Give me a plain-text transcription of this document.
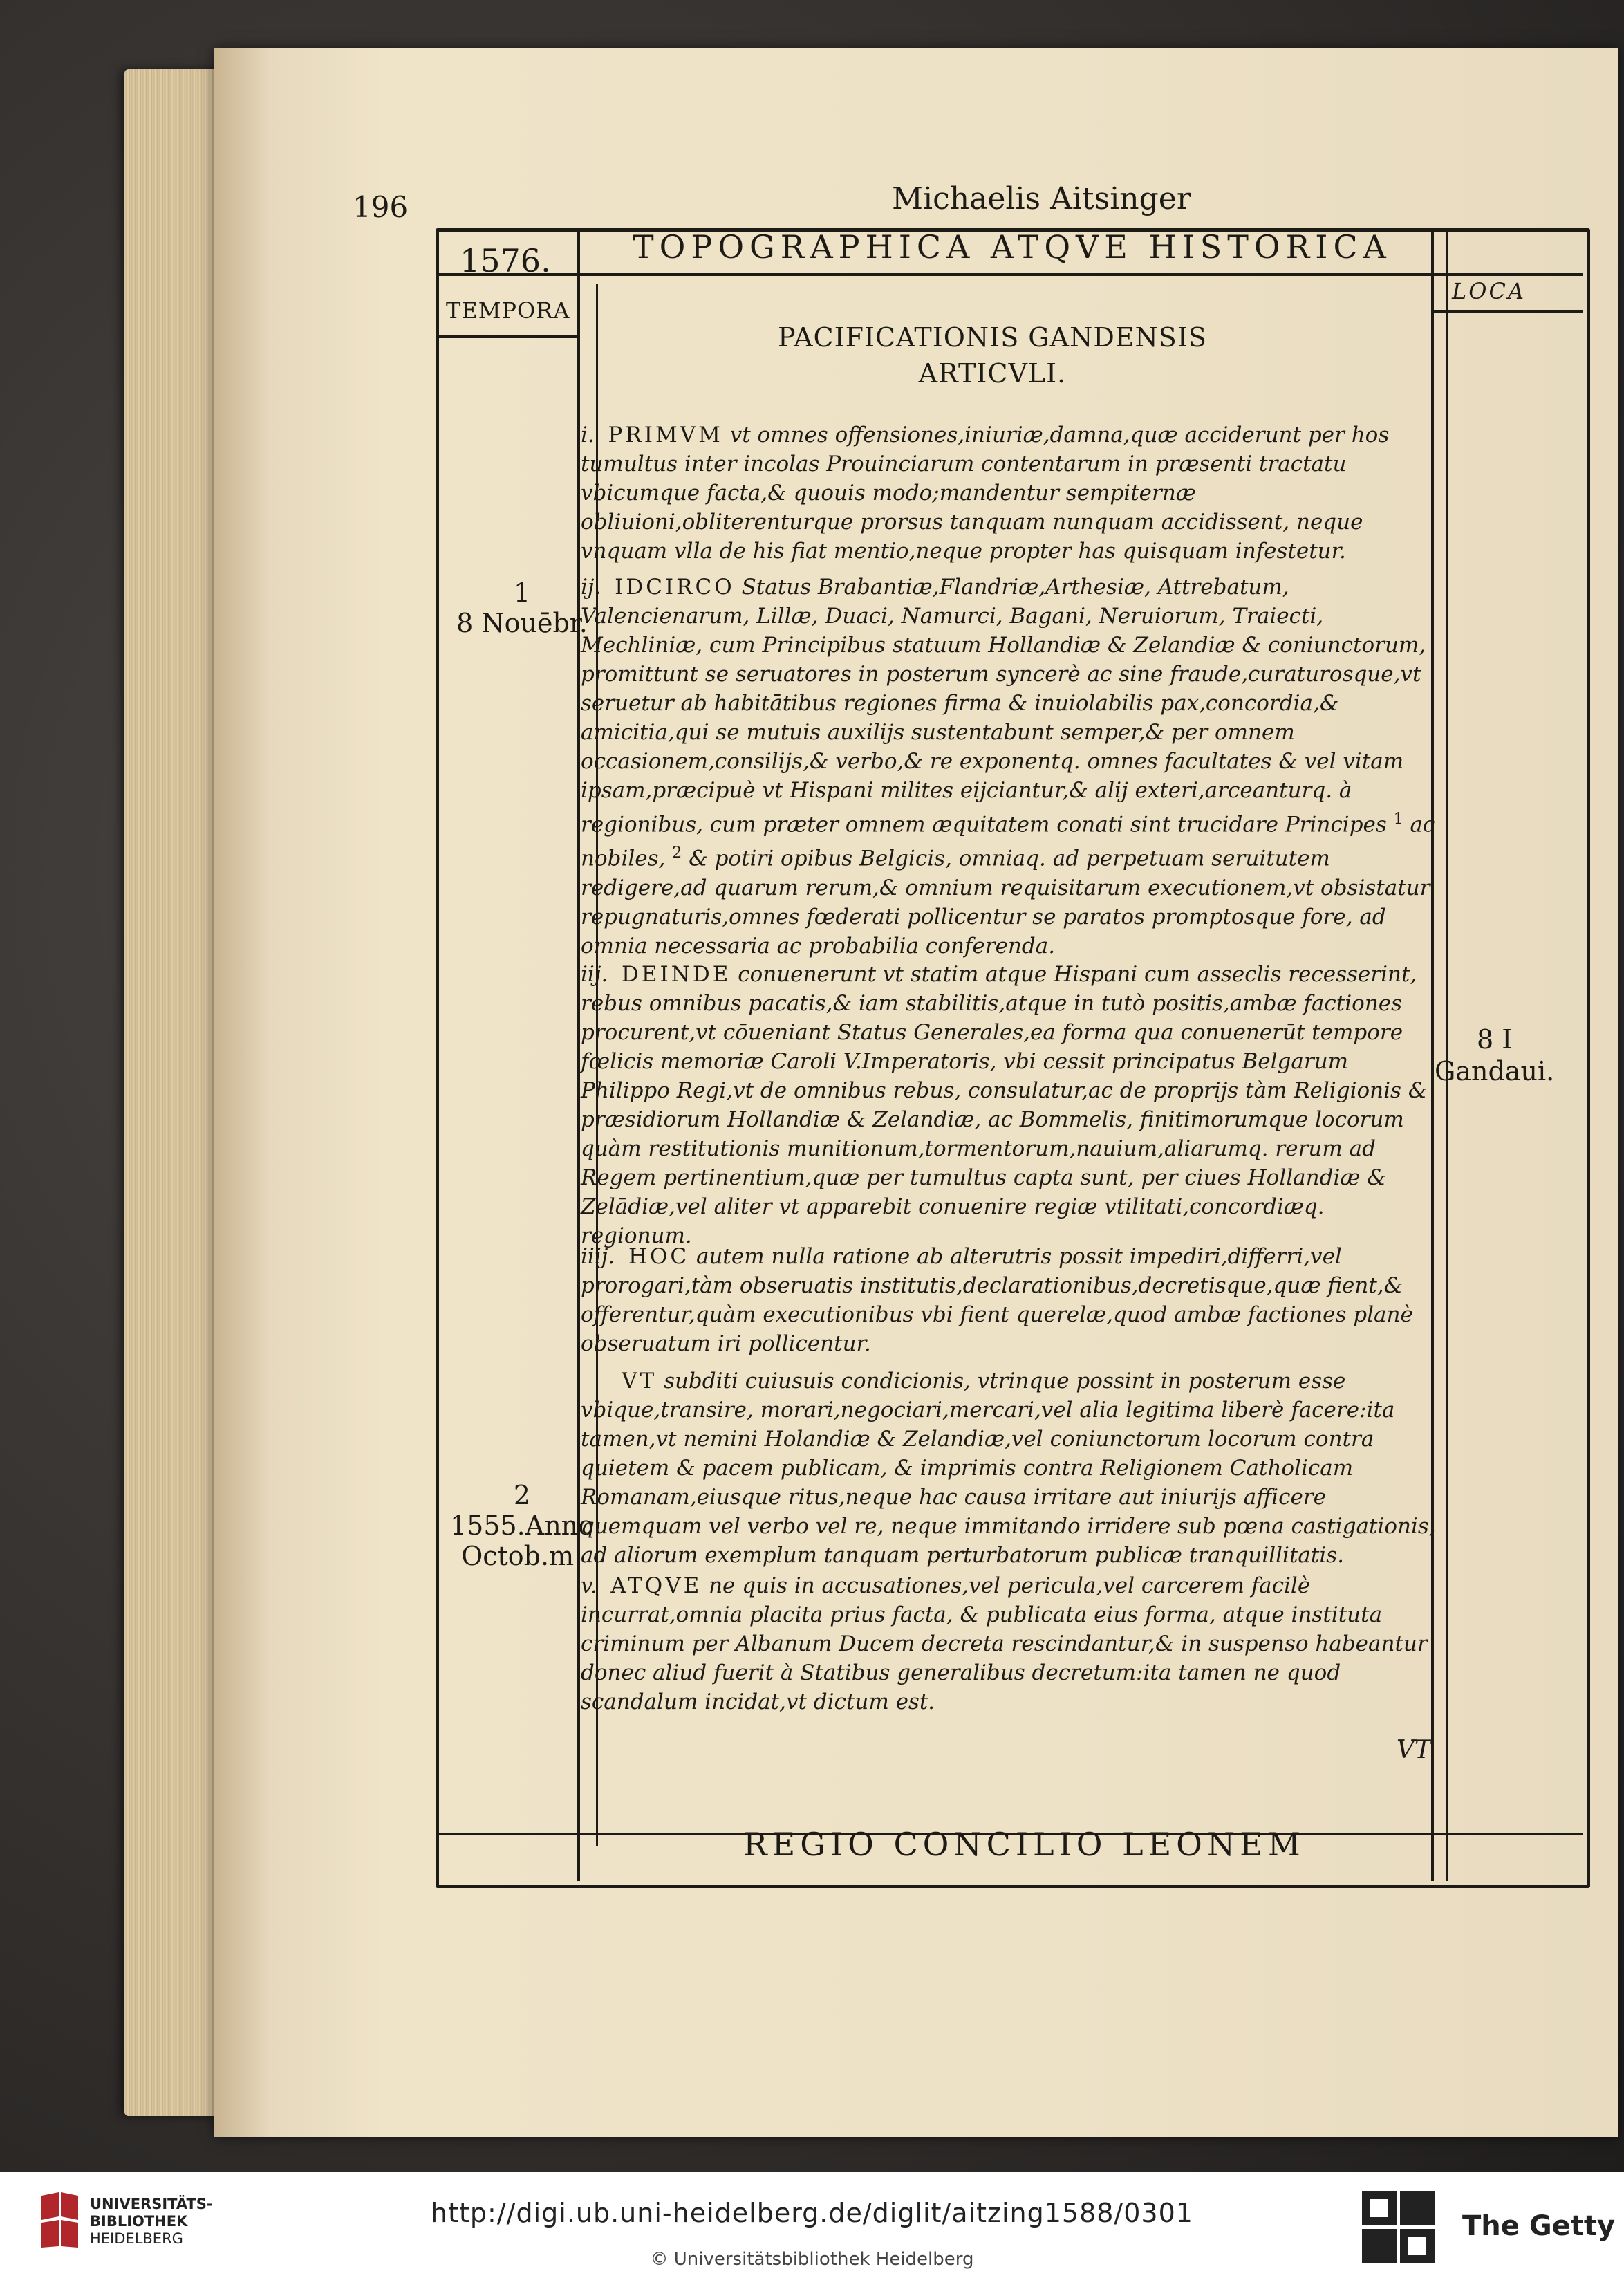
196	Michaelis Aitsinger
1576.	TOPOGRAPHICA ATQVE HISTORICA
TEMPORA
LOCA
PACIFICATIONIS GANDENSIS
ARTICVLI.
i. PRIMVM vt omnes offensiones,iniuriæ,damna,quæ acciderunt per hos tumultus inter incolas Prouinciarum contentarum in præsenti tractatu vbicumque facta,& quouis modo;mandentur sempiternæ obliuioni,obliterenturque prorsus tanquam nunquam accidissent, neque vnquam vlla de his fiat mentio,neque propter has quisquam infestetur.
ij. IDCIRCO Status Brabantiæ,Flandriæ,Arthesiæ, Attrebatum, Valencienarum, Lillæ, Duaci, Namurci, Bagani, Neruiorum, Traiecti, Mechliniæ, cum Principibus statuum Hollandiæ & Zelandiæ & coniunctorum, promittunt se seruatores in posterum syncerè ac sine fraude,curaturosque,vt seruetur ab habitātibus regiones firma & inuiolabilis pax,concordia,& amicitia,qui se mutuis auxilijs sustentabunt semper,& per omnem occasionem,consilijs,& verbo,& re exponentq. omnes facultates & vel vitam ipsam,præcipuè vt Hispani milites eijciantur,& alij exteri,arceanturq. à regionibus, cum præter omnem æquitatem conati sint trucidare Principes $^1$ ac nobiles, $^2$ & potiri opibus Belgicis, omniaq. ad perpetuam seruitutem redigere,ad quarum rerum,& omnium requisitarum executionem,vt obsistatur repugnaturis,omnes fœderati pollicentur se paratos promptosque fore, ad omnia necessaria ac probabilia conferenda.
iij. DEINDE conuenerunt vt statim atque Hispani cum asseclis recesserint, rebus omnibus pacatis,& iam stabilitis,atque in tutò positis,ambæ factiones procurent,vt cōueniant Status Generales,ea forma qua conuenerūt tempore fœlicis memoriæ Caroli V.Imperatoris, vbi cessit principatus Belgarum Philippo Regi,vt de omnibus rebus, consulatur,ac de proprijs tàm Religionis & præsidiorum Hollandiæ & Zelandiæ, ac Bommelis, finitimorumque locorum quàm restitutionis munitionum,tormentorum,nauium,aliarumq. rerum ad Regem pertinentium,quæ per tumultus capta sunt, per ciues Hollandiæ & Zelādiæ,vel aliter vt apparebit conuenire regiæ vtilitati,concordiæq. regionum.
iiij. HOC autem nulla ratione ab alterutris possit impediri,differri,vel prorogari,tàm obseruatis institutis,declarationibus,decretisque,quæ fient,& offerentur,quàm executionibus vbi fient querelæ,quod ambæ factiones planè obseruatum iri pollicentur.
VT subditi cuiusuis condicionis, vtrinque possint in posterum esse vbique,transire, morari,negociari,mercari,vel alia legitima liberè facere:ita tamen,vt nemini Holandiæ & Zelandiæ,vel coniunctorum locorum contra quietem & pacem publicam, & imprimis contra Religionem Catholicam Romanam,eiusque ritus,neque hac causa irritare aut iniurijs afficere quemquam vel verbo vel re, neque immitando irridere sub pœna castigationis, ad aliorum exemplum tanquam perturbatorum publicæ tranquillitatis.
v. ATQVE ne quis in accusationes,vel pericula,vel carcerem facilè incurrat,omnia placita prius facta, & publicata eius forma, atque instituta criminum per Albanum Ducem decreta rescindantur,& in suspenso habeantur donec aliud fuerit à Statibus generalibus decretum:ita tamen ne quod scandalum incidat,vt dictum est.
1
8 Nouēbr.
2
1555.Anno
Octob.m:
8 I
Gandaui.
VT
REGIO CONCILIO LEONEM
UNIVERSITÄTS-
BIBLIOTHEK
HEIDELBERG
http://digi.ub.uni-heidelberg.de/diglit/aitzing1588/0301
© Universitätsbibliothek Heidelberg
The Getty
